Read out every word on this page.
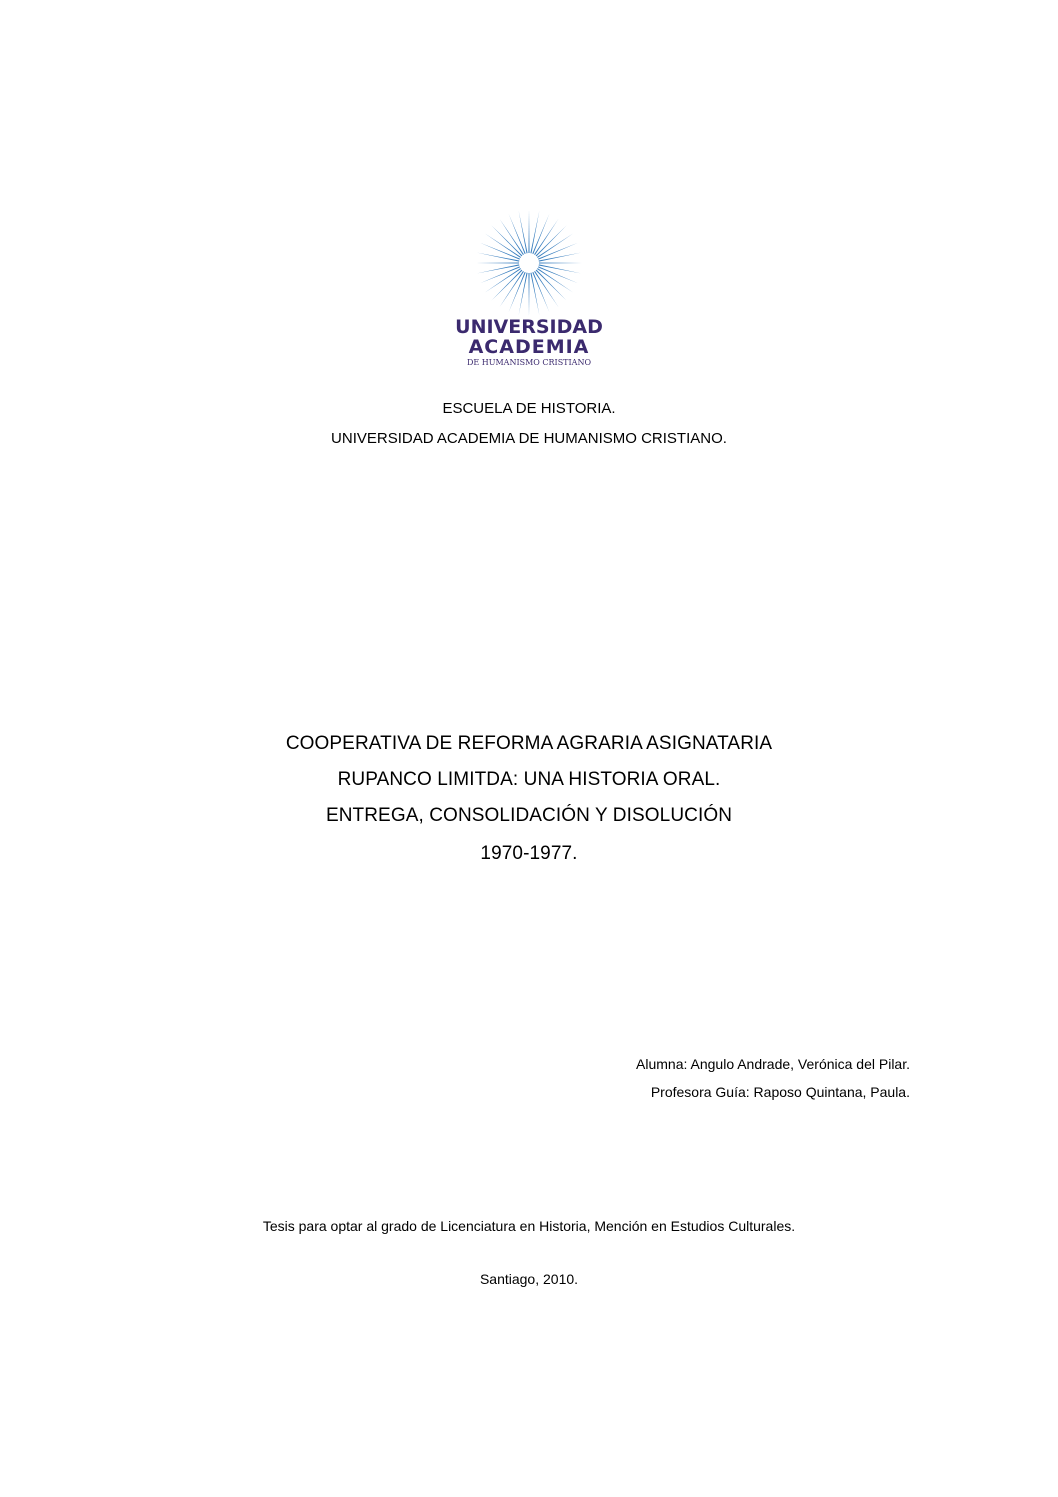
UNIVERSIDAD
ACADEMIA
DE HUMANISMO CRISTIANO
ESCUELA DE HISTORIA.
UNIVERSIDAD ACADEMIA DE HUMANISMO CRISTIANO.
COOPERATIVA DE REFORMA AGRARIA ASIGNATARIA
RUPANCO LIMITDA: UNA HISTORIA ORAL.
ENTREGA, CONSOLIDACIÓN Y DISOLUCIÓN
1970-1977.
Alumna: Angulo Andrade, Verónica del Pilar.
Profesora Guía: Raposo Quintana, Paula.
Tesis para optar al grado de Licenciatura en Historia, Mención en Estudios Culturales.
Santiago, 2010.
